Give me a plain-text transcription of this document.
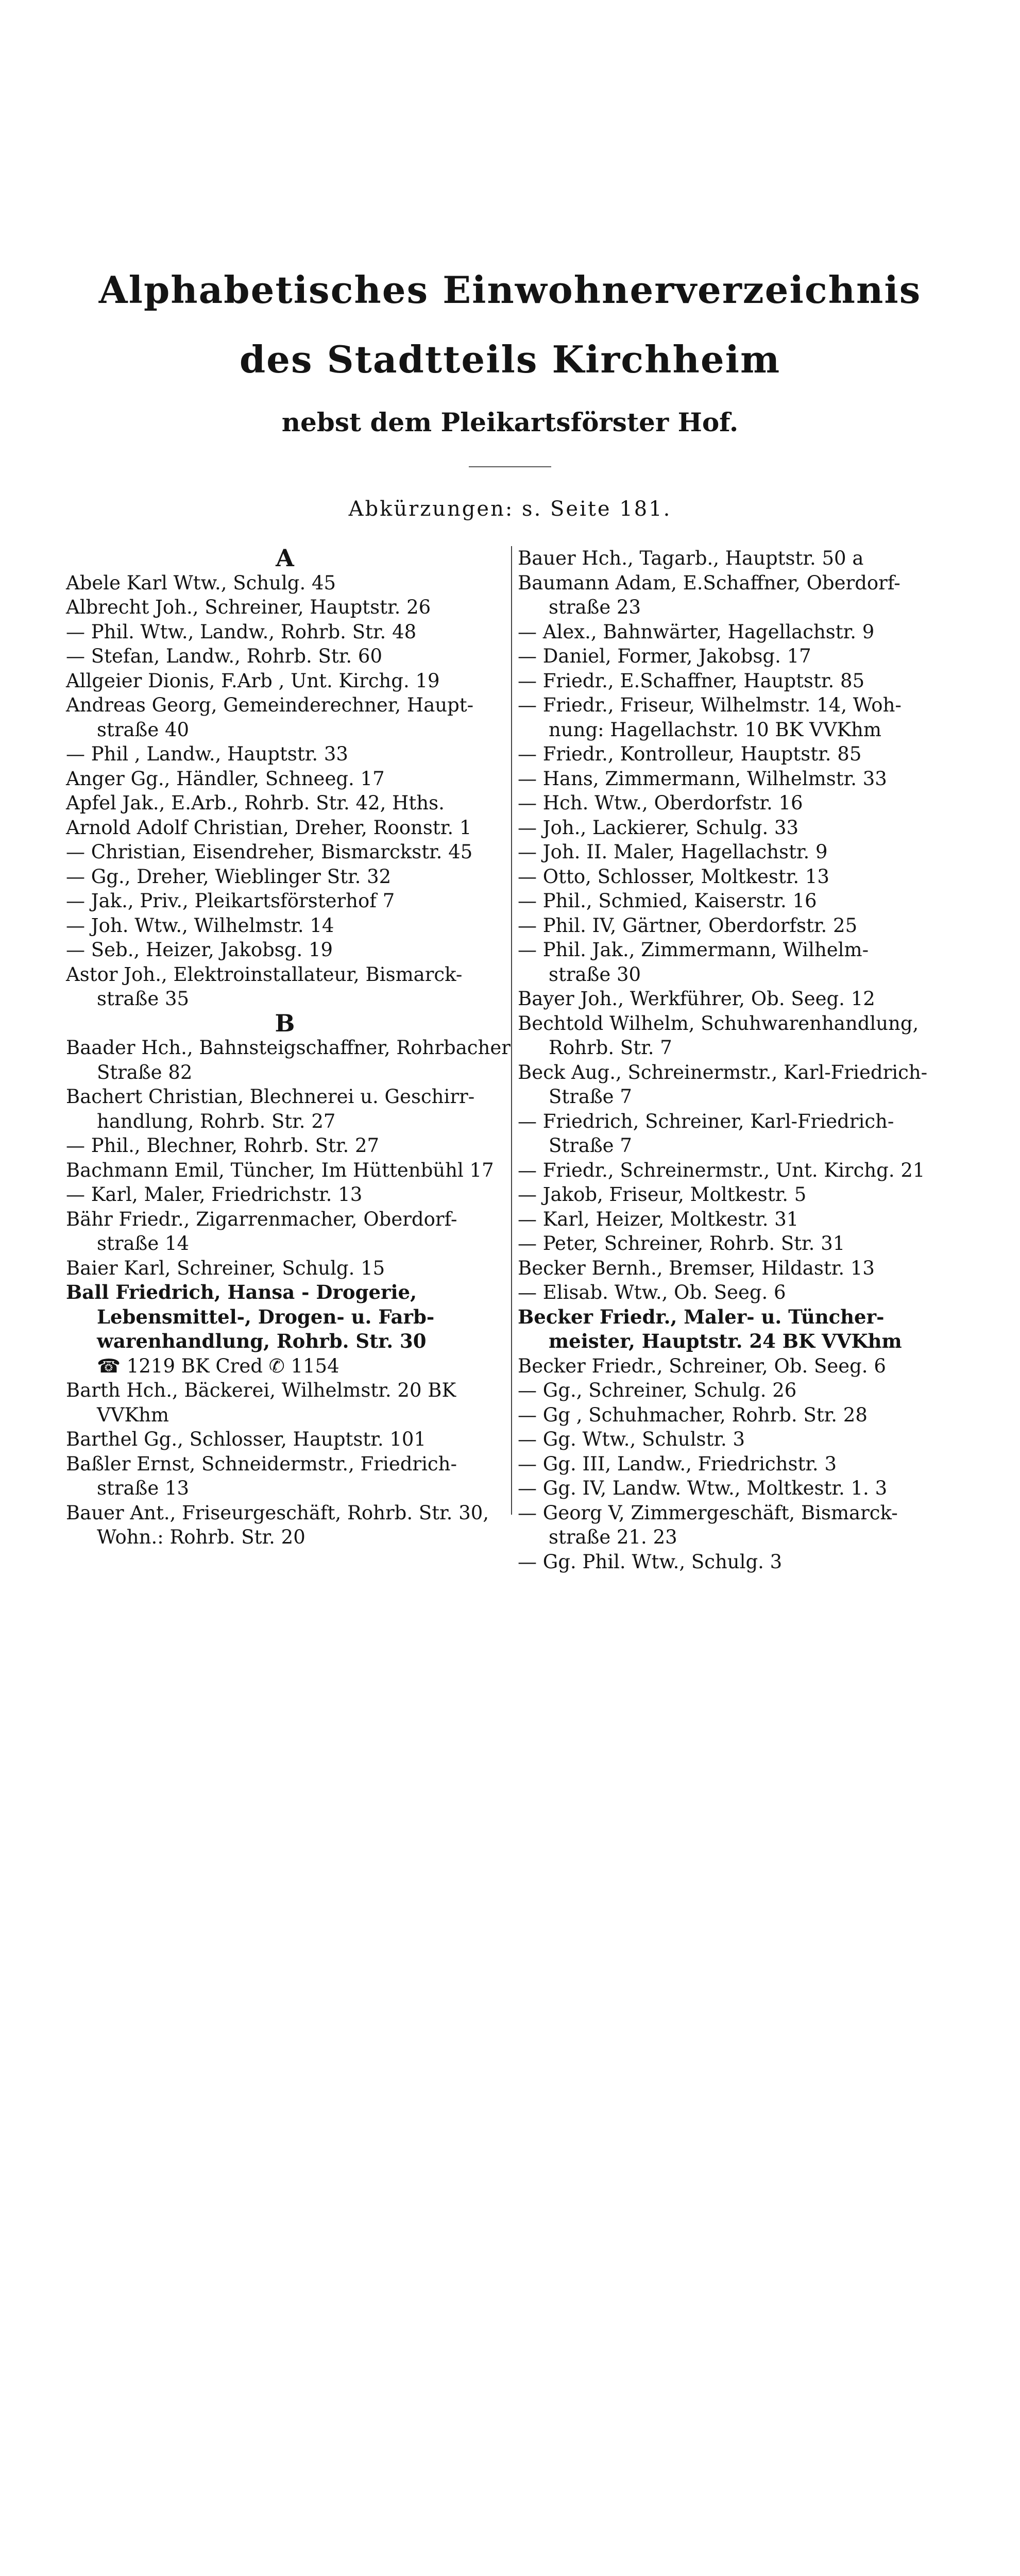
Alphabetisches Einwohnerverzeichnis
des Stadtteils Kirchheim
nebst dem Pleikartsförster Hof.
Abkürzungen: s. Seite 181.
A
Abele Karl Wtw., Schulg. 45
Albrecht Joh., Schreiner, Hauptstr. 26
— Phil. Wtw., Landw., Rohrb. Str. 48
— Stefan, Landw., Rohrb. Str. 60
Allgeier Dionis, F.Arb , Unt. Kirchg. 19
Andreas Georg, Gemeinderechner, Haupt-
straße 40
— Phil , Landw., Hauptstr. 33
Anger Gg., Händler, Schneeg. 17
Apfel Jak., E.Arb., Rohrb. Str. 42, Hths.
Arnold Adolf Christian, Dreher, Roonstr. 1
— Christian, Eisendreher, Bismarckstr. 45
— Gg., Dreher, Wieblinger Str. 32
— Jak., Priv., Pleikartsförsterhof 7
— Joh. Wtw., Wilhelmstr. 14
— Seb., Heizer, Jakobsg. 19
Astor Joh., Elektroinstallateur, Bismarck-
straße 35
B
Baader Hch., Bahnsteigschaffner, Rohrbacher
Straße 82
Bachert Christian, Blechnerei u. Geschirr-
handlung, Rohrb. Str. 27
— Phil., Blechner, Rohrb. Str. 27
Bachmann Emil, Tüncher, Im Hüttenbühl 17
— Karl, Maler, Friedrichstr. 13
Bähr Friedr., Zigarrenmacher, Oberdorf-
straße 14
Baier Karl, Schreiner, Schulg. 15
Ball Friedrich, Hansa - Drogerie,
Lebensmittel-, Drogen- u. Farb-
warenhandlung, Rohrb. Str. 30
☎ 1219 BK Cred ✆ 1154
Barth Hch., Bäckerei, Wilhelmstr. 20 BK
VVKhm
Barthel Gg., Schlosser, Hauptstr. 101
Baßler Ernst, Schneidermstr., Friedrich-
straße 13
Bauer Ant., Friseurgeschäft, Rohrb. Str. 30,
Wohn.: Rohrb. Str. 20
Bauer Hch., Tagarb., Hauptstr. 50 a
Baumann Adam, E.Schaffner, Oberdorf-
straße 23
— Alex., Bahnwärter, Hagellachstr. 9
— Daniel, Former, Jakobsg. 17
— Friedr., E.Schaffner, Hauptstr. 85
— Friedr., Friseur, Wilhelmstr. 14, Woh-
nung: Hagellachstr. 10 BK VVKhm
— Friedr., Kontrolleur, Hauptstr. 85
— Hans, Zimmermann, Wilhelmstr. 33
— Hch. Wtw., Oberdorfstr. 16
— Joh., Lackierer, Schulg. 33
— Joh. II. Maler, Hagellachstr. 9
— Otto, Schlosser, Moltkestr. 13
— Phil., Schmied, Kaiserstr. 16
— Phil. IV, Gärtner, Oberdorfstr. 25
— Phil. Jak., Zimmermann, Wilhelm-
straße 30
Bayer Joh., Werkführer, Ob. Seeg. 12
Bechtold Wilhelm, Schuhwarenhandlung,
Rohrb. Str. 7
Beck Aug., Schreinermstr., Karl-Friedrich-
Straße 7
— Friedrich, Schreiner, Karl-Friedrich-
Straße 7
— Friedr., Schreinermstr., Unt. Kirchg. 21
— Jakob, Friseur, Moltkestr. 5
— Karl, Heizer, Moltkestr. 31
— Peter, Schreiner, Rohrb. Str. 31
Becker Bernh., Bremser, Hildastr. 13
— Elisab. Wtw., Ob. Seeg. 6
Becker Friedr., Maler- u. Tüncher-
meister, Hauptstr. 24 BK VVKhm
Becker Friedr., Schreiner, Ob. Seeg. 6
— Gg., Schreiner, Schulg. 26
— Gg , Schuhmacher, Rohrb. Str. 28
— Gg. Wtw., Schulstr. 3
— Gg. III, Landw., Friedrichstr. 3
— Gg. IV, Landw. Wtw., Moltkestr. 1. 3
— Georg V, Zimmergeschäft, Bismarck-
straße 21. 23
— Gg. Phil. Wtw., Schulg. 3
